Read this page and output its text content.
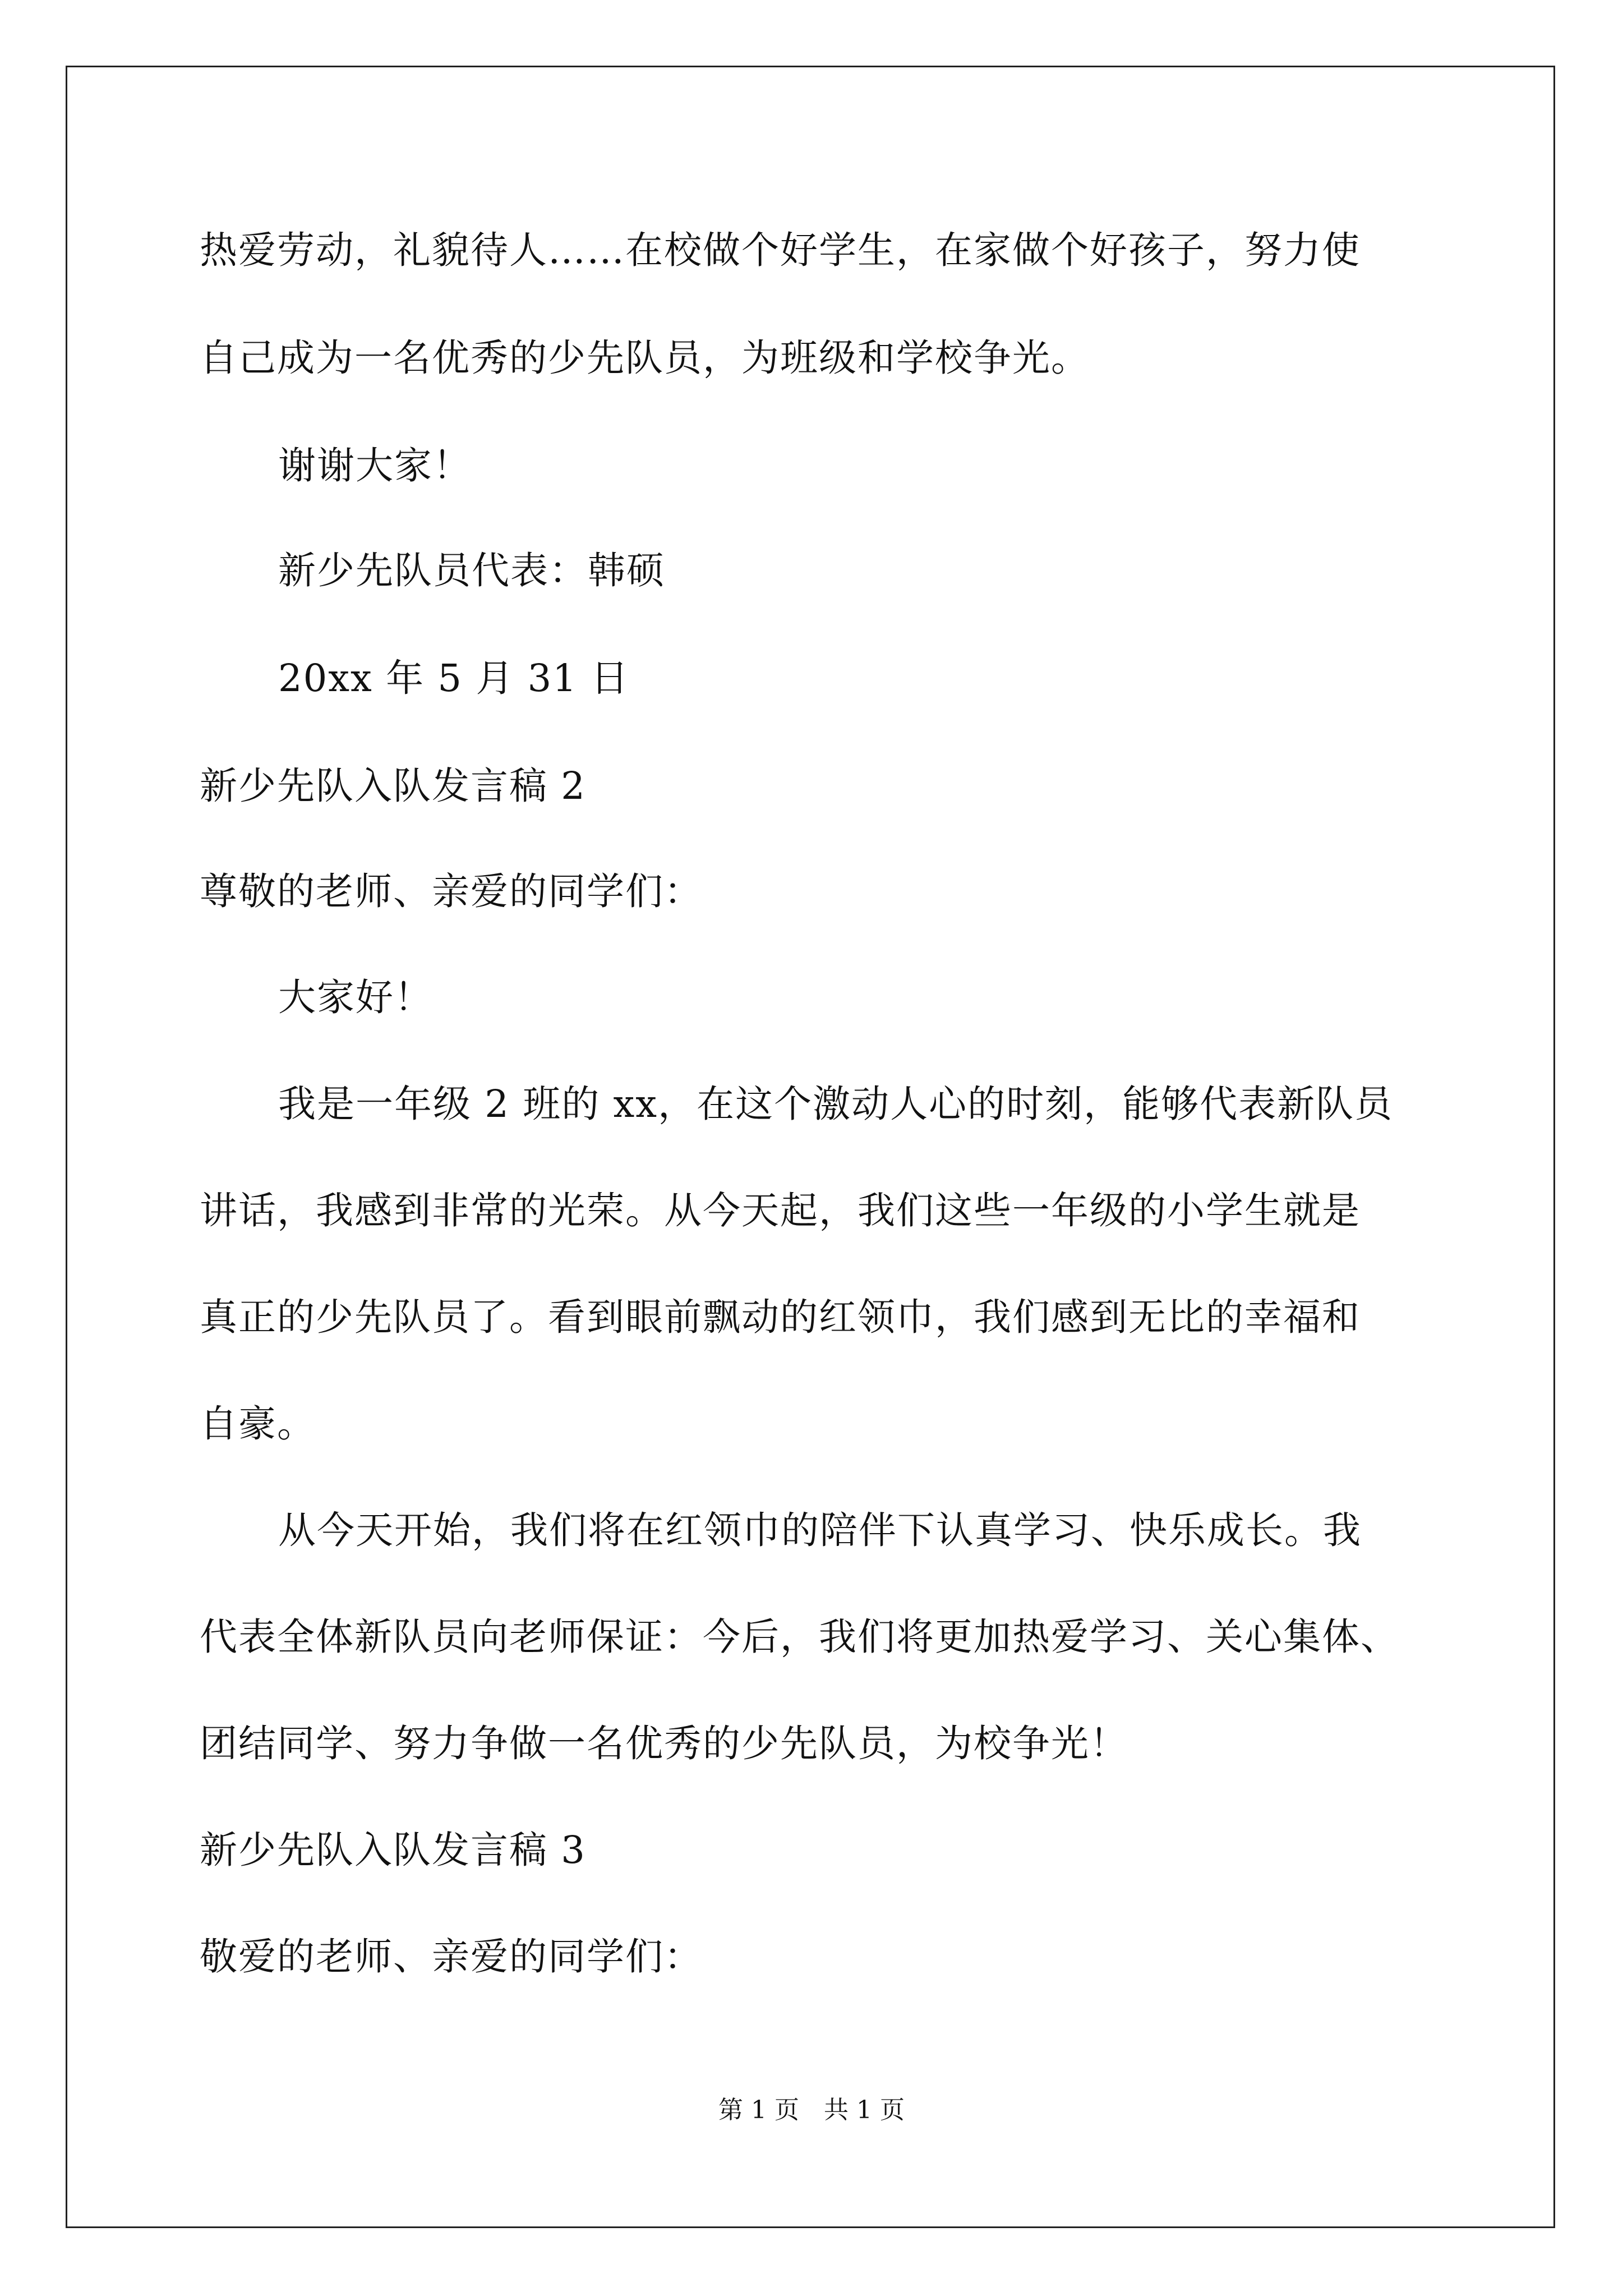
热爱劳动，礼貌待人……在校做个好学生，在家做个好孩子，努力使
自己成为一名优秀的少先队员，为班级和学校争光。
谢谢大家！
新少先队员代表：韩硕
20xx 年 5 月 31 日
新少先队入队发言稿 2
尊敬的老师、亲爱的同学们：
大家好！
我是一年级 2 班的 xx，在这个激动人心的时刻，能够代表新队员
讲话，我感到非常的光荣。从今天起，我们这些一年级的小学生就是
真正的少先队员了。看到眼前飘动的红领巾，我们感到无比的幸福和
自豪。
从今天开始，我们将在红领巾的陪伴下认真学习、快乐成长。我
代表全体新队员向老师保证：今后，我们将更加热爱学习、关心集体、
团结同学、努力争做一名优秀的少先队员，为校争光！
新少先队入队发言稿 3
敬爱的老师、亲爱的同学们：
第 1 页　共 1 页
